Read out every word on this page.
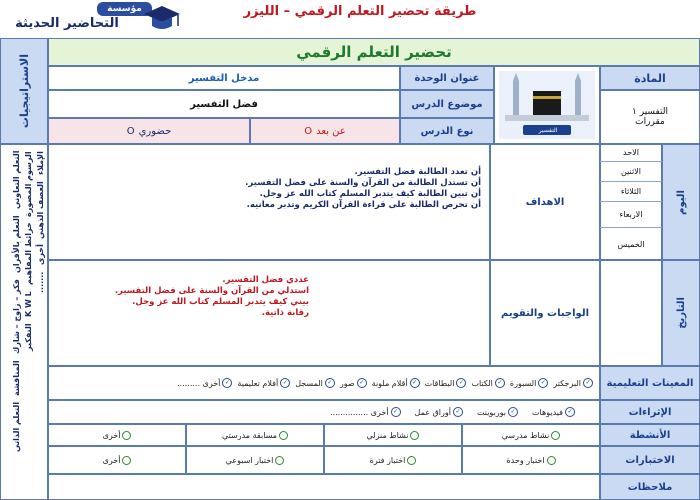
طريقة تحضير التعلم الرقمي – الليزر
مؤسسة
التحاضير الحديثة
الاستراتيجيات
التعلم التعاوني
التعلم بالأقران
فكر – زاوج – شارك
المناقشة
التعلم الذاتي
الرسوم المصورة
خرائط المفاهيم
K W L
التفكير
الإملاء
العصف الذهني
أخرى
.......
تحضير التعلم الرقمي
المادة
التفسير ١
مقررات
التفسير
عنوان الوحدة
مدخل التفسير
موضوع الدرس
فضل التفسير
نوع الدرس
عن بعد
O
حضوري
O
اليوم
التاريخ
الاحد
الاثنين
الثلاثاء
الاربعاء
الخميس
الاهداف

أن تعدد الطالبة فضل التفسير.

أن تستدل الطالبة من القرآن والسنة على فضل التفسير.

أن تبين الطالبة كيف يتدبر المسلم كتاب الله عز وجل.

أن تحرص الطالبة على قراءة القرآن الكريم وتدبر معانيه.

الواجبات والتقويم

عددي فضل التفسير.

استدلي من القرآن والسنة على فضل التفسير.

بيني كيف يتدبر المسلم كتاب الله عز وجل.

رقابة ذاتية.

المعينات التعليمية
✓
البرجكتر
✓
السبورة
✓
الكتاب
✓
البطاقات
✓
أقلام ملونة
✓
صور
✓
المسجل
✓
أفلام تعليمية
✓
أخرى .........
الإثراءات
✓
فيديوهات
✓
بوربوينت
✓
أوراق عمل
✓
أخرى ...............
الأنشطة
نشاط مدرسي
نشاط منزلي
مسابقة مدرستي
أخرى
الاختبارات
اختبار وحدة
اختبار فترة
اختبار اسبوعي
أخرى
ملاحظات
